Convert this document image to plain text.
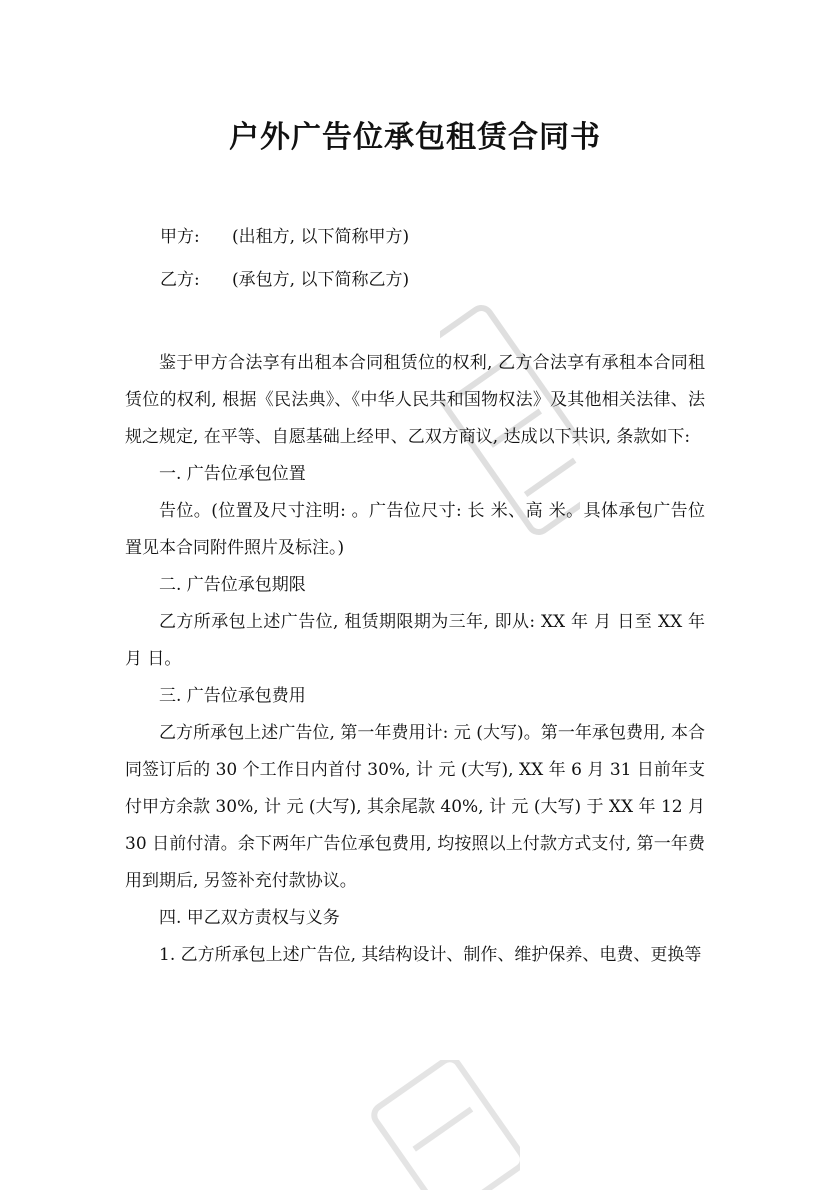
户外广告位承包租赁合同书
甲方: (出租方, 以下简称甲方)
乙方: (承包方, 以下简称乙方)

鉴于甲方合法享有出租本合同租赁位的权利, 乙方合法享有承租本合同租赁位的权利, 根据《民法典》、《中华人民共和国物权法》及其他相关法律、法规之规定, 在平等、自愿基础上经甲、乙双方商议, 达成以下共识, 条款如下:

一. 广告位承包位置

告位。(位置及尺寸注明: 。广告位尺寸: 长 米、高 米。具体承包广告位置见本合同附件照片及标注。)

二. 广告位承包期限

乙方所承包上述广告位, 租赁期限期为三年, 即从: XX 年 月 日至 XX 年 月 日。

三. 广告位承包费用

乙方所承包上述广告位, 第一年费用计: 元 (大写)。第一年承包费用, 本合同签订后的 30 个工作日内首付 30%, 计 元 (大写), XX 年 6 月 31 日前年支付甲方余款 30%, 计 元 (大写), 其余尾款 40%, 计 元 (大写) 于 XX 年 12 月 30 日前付清。余下两年广告位承包费用, 均按照以上付款方式支付, 第一年费用到期后, 另签补充付款协议。

四. 甲乙双方责权与义务

1. 乙方所承包上述广告位, 其结构设计、制作、维护保养、电费、更换等
